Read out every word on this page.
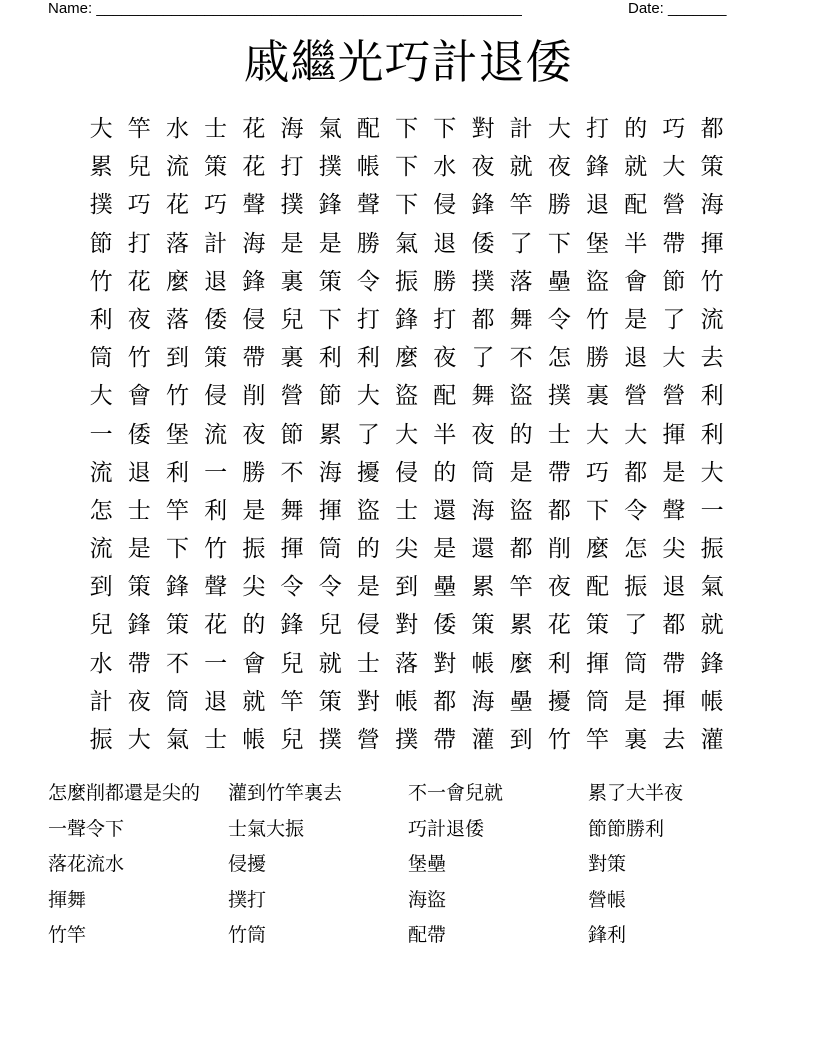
Name: ___________________________________________________	Date: _______
戚繼光巧計退倭
大 竿 水 士 花 海 氣 配 下 下 對 計 大 打 的 巧 都
累 兒 流 策 花 打 撲 帳 下 水 夜 就 夜 鋒 就 大 策
撲 巧 花 巧 聲 撲 鋒 聲 下 侵 鋒 竿 勝 退 配 營 海
節 打 落 計 海 是 是 勝 氣 退 倭 了 下 堡 半 帶 揮
竹 花 麼 退 鋒 裏 策 令 振 勝 撲 落 壘 盜 會 節 竹
利 夜 落 倭 侵 兒 下 打 鋒 打 都 舞 令 竹 是 了 流
筒 竹 到 策 帶 裏 利 利 麼 夜 了 不 怎 勝 退 大 去
大 會 竹 侵 削 營 節 大 盜 配 舞 盜 撲 裏 營 營 利
一 倭 堡 流 夜 節 累 了 大 半 夜 的 士 大 大 揮 利
流 退 利 一 勝 不 海 擾 侵 的 筒 是 帶 巧 都 是 大
怎 士 竿 利 是 舞 揮 盜 士 還 海 盜 都 下 令 聲 一
流 是 下 竹 振 揮 筒 的 尖 是 還 都 削 麼 怎 尖 振
到 策 鋒 聲 尖 令 令 是 到 壘 累 竿 夜 配 振 退 氣
兒 鋒 策 花 的 鋒 兒 侵 對 倭 策 累 花 策 了 都 就
水 帶 不 一 會 兒 就 士 落 對 帳 麼 利 揮 筒 帶 鋒
計 夜 筒 退 就 竿 策 對 帳 都 海 壘 擾 筒 是 揮 帳
振 大 氣 士 帳 兒 撲 營 撲 帶 灌 到 竹 竿 裏 去 灌
怎麼削都還是尖的	灌到竹竿裏去	不一會兒就	累了大半夜
一聲令下	士氣大振	巧計退倭	節節勝利
落花流水	侵擾	堡壘	對策
揮舞	撲打	海盜	營帳
竹竿	竹筒	配帶	鋒利
